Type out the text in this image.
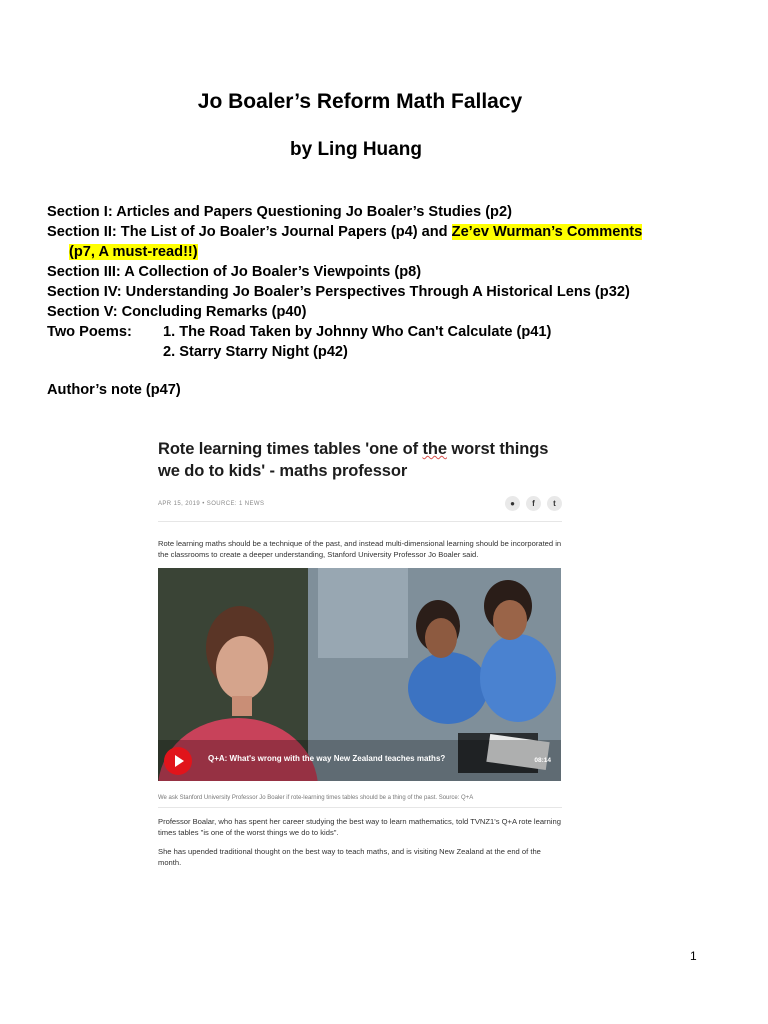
Jo Boaler’s Reform Math Fallacy
by Ling Huang
Section I: Articles and Papers Questioning Jo Boaler’s Studies (p2)
Section II: The List of Jo Boaler’s Journal Papers (p4) and Ze’ev Wurman’s Comments
(p7, A must-read!!)
Section III: A Collection of Jo Boaler’s Viewpoints (p8)
Section IV: Understanding Jo Boaler’s Perspectives Through A Historical Lens (p32)
Section V: Concluding Remarks (p40)
Two Poems:	1. The Road Taken by Johnny Who Can't Calculate (p41)
2. Starry Starry Night (p42)
Author’s note (p47)
Rote learning times tables 'one of the worst things we do to kids' - maths professor
APR 15, 2019 • SOURCE: 1 NEWS	●	f	t
Rote learning maths should be a technique of the past, and instead multi-dimensional learning should be incorporated in the classrooms to create a deeper understanding, Stanford University Professor Jo Boaler said.
Q+A: What's wrong with the way New Zealand teaches maths?	08:14
We ask Stanford University Professor Jo Boaler if rote-learning times tables should be a thing of the past. Source: Q+A
Professor Boalar, who has spent her career studying the best way to learn mathematics, told TVNZ1's Q+A rote learning times tables "is one of the worst things we do to kids".
She has upended traditional thought on the best way to teach maths, and is visiting New Zealand at the end of the month.
1
